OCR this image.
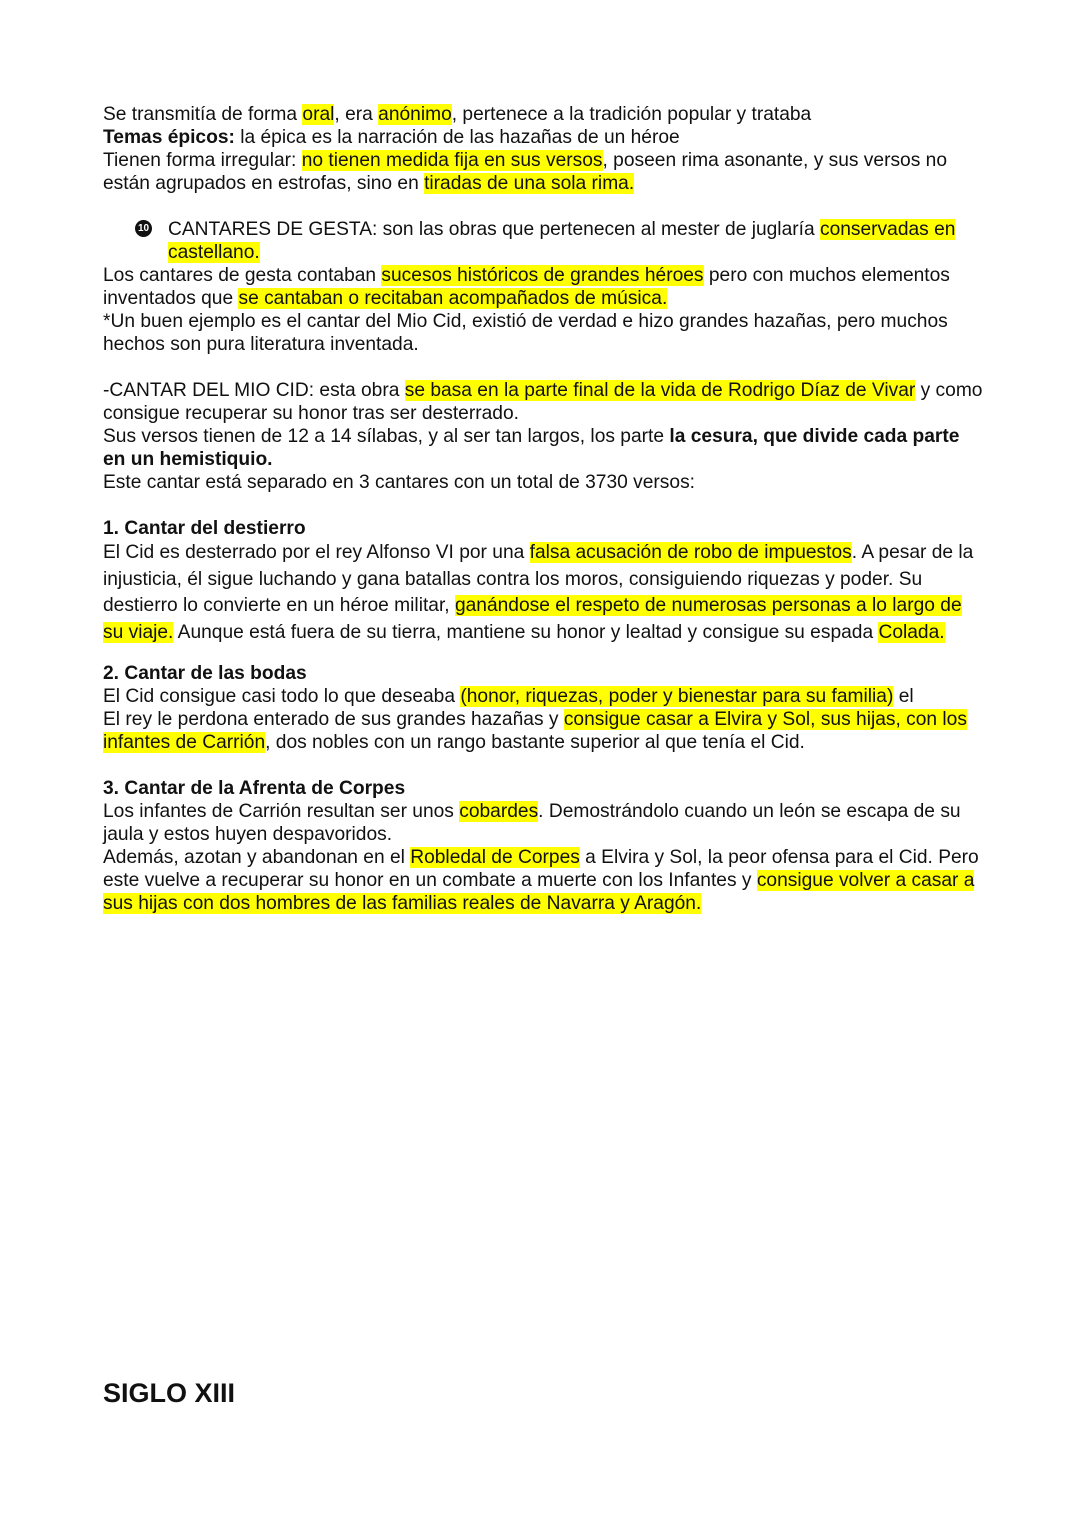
Se transmitía de forma oral, era anónimo, pertenece a la tradición popular y trataba

Temas épicos: la épica es la narración de las hazañas de un héroe

Tienen forma irregular: no tienen medida fija en sus versos, poseen rima asonante, y sus versos no están agrupados en estrofas, sino en tiradas de una sola rima.

10 CANTARES DE GESTA: son las obras que pertenecen al mester de juglaría conservadas en castellano.

Los cantares de gesta contaban sucesos históricos de grandes héroes pero con muchos elementos inventados que se cantaban o recitaban acompañados de música.

*Un buen ejemplo es el cantar del Mio Cid, existió de verdad e hizo grandes hazañas, pero muchos hechos son pura literatura inventada.

-CANTAR DEL MIO CID: esta obra se basa en la parte final de la vida de Rodrigo Díaz de Vivar y como consigue recuperar su honor tras ser desterrado.

Sus versos tienen de 12 a 14 sílabas, y al ser tan largos, los parte la cesura, que divide cada parte en un hemistiquio.

Este cantar está separado en 3 cantares con un total de 3730 versos:

1. Cantar del destierro

El Cid es desterrado por el rey Alfonso VI por una falsa acusación de robo de impuestos. A pesar de la injusticia, él sigue luchando y gana batallas contra los moros, consiguiendo riquezas y poder. Su destierro lo convierte en un héroe militar, ganándose el respeto de numerosas personas a lo largo de su viaje. Aunque está fuera de su tierra, mantiene su honor y lealtad y consigue su espada Colada.

2. Cantar de las bodas

El Cid consigue casi todo lo que deseaba (honor, riquezas, poder y bienestar para su familia) el

El rey le perdona enterado de sus grandes hazañas y consigue casar a Elvira y Sol, sus hijas, con los infantes de Carrión, dos nobles con un rango bastante superior al que tenía el Cid.

3. Cantar de la Afrenta de Corpes

Los infantes de Carrión resultan ser unos cobardes. Demostrándolo cuando un león se escapa de su jaula y estos huyen despavoridos.

Además, azotan y abandonan en el Robledal de Corpes a Elvira y Sol, la peor ofensa para el Cid. Pero este vuelve a recuperar su honor en un combate a muerte con los Infantes y consigue volver a casar a sus hijas con dos hombres de las familias reales de Navarra y Aragón.

SIGLO XIII
